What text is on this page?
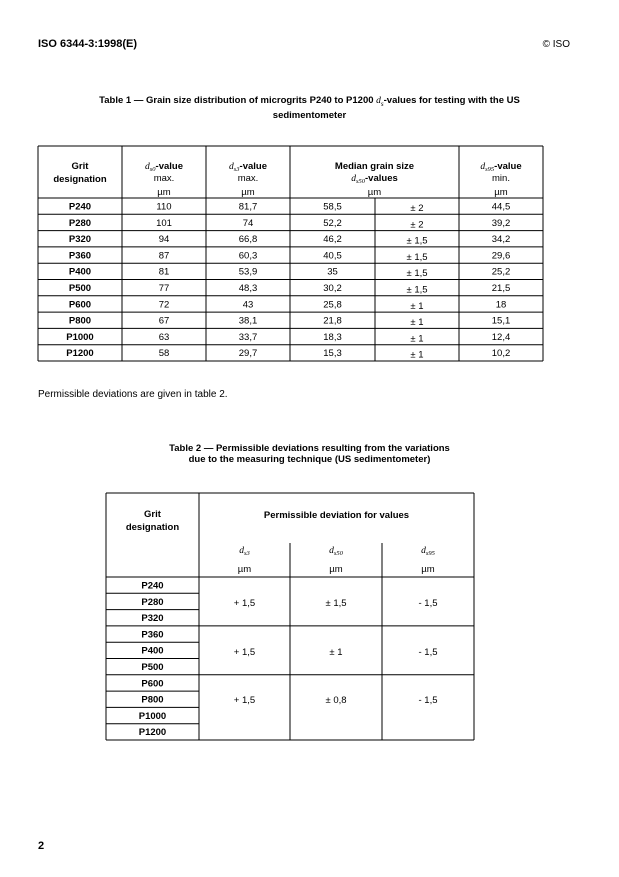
ISO 6344-3:1998(E)	© ISO
Table 1 — Grain size distribution of microgrits P240 to P1200 $d_s$-values for testing with the US
sedimentometer
Grit
designation
$d_{s0}$-value
max.
µm
$d_{s3}$-value
max.
µm
Median grain size
$d_{s50}$-values
µm
$d_{s95}$-value
min.
µm
P240	110	81,7	58,5	± 2	44,5
P280	101	74	52,2	± 2	39,2
P320	94	66,8	46,2	± 1,5	34,2
P360	87	60,3	40,5	± 1,5	29,6
P400	81	53,9	35	± 1,5	25,2
P500	77	48,3	30,2	± 1,5	21,5
P600	72	43	25,8	± 1	18
P800	67	38,1	21,8	± 1	15,1
P1000	63	33,7	18,3	± 1	12,4
P1200	58	29,7	15,3	± 1	10,2
Permissible deviations are given in table 2.
Table 2 — Permissible deviations resulting from the variations
due to the measuring technique (US sedimentometer)
Grit
designation
Permissible deviation for values
$d_{s3}$
µm
$d_{s50}$
µm
$d_{s95}$
µm
P240
P280
P320
+ 1,5	± 1,5	- 1,5
P360
P400
P500
+ 1,5	± 1	- 1,5
P600
P800
P1000
P1200
+ 1,5	± 0,8	- 1,5
2
